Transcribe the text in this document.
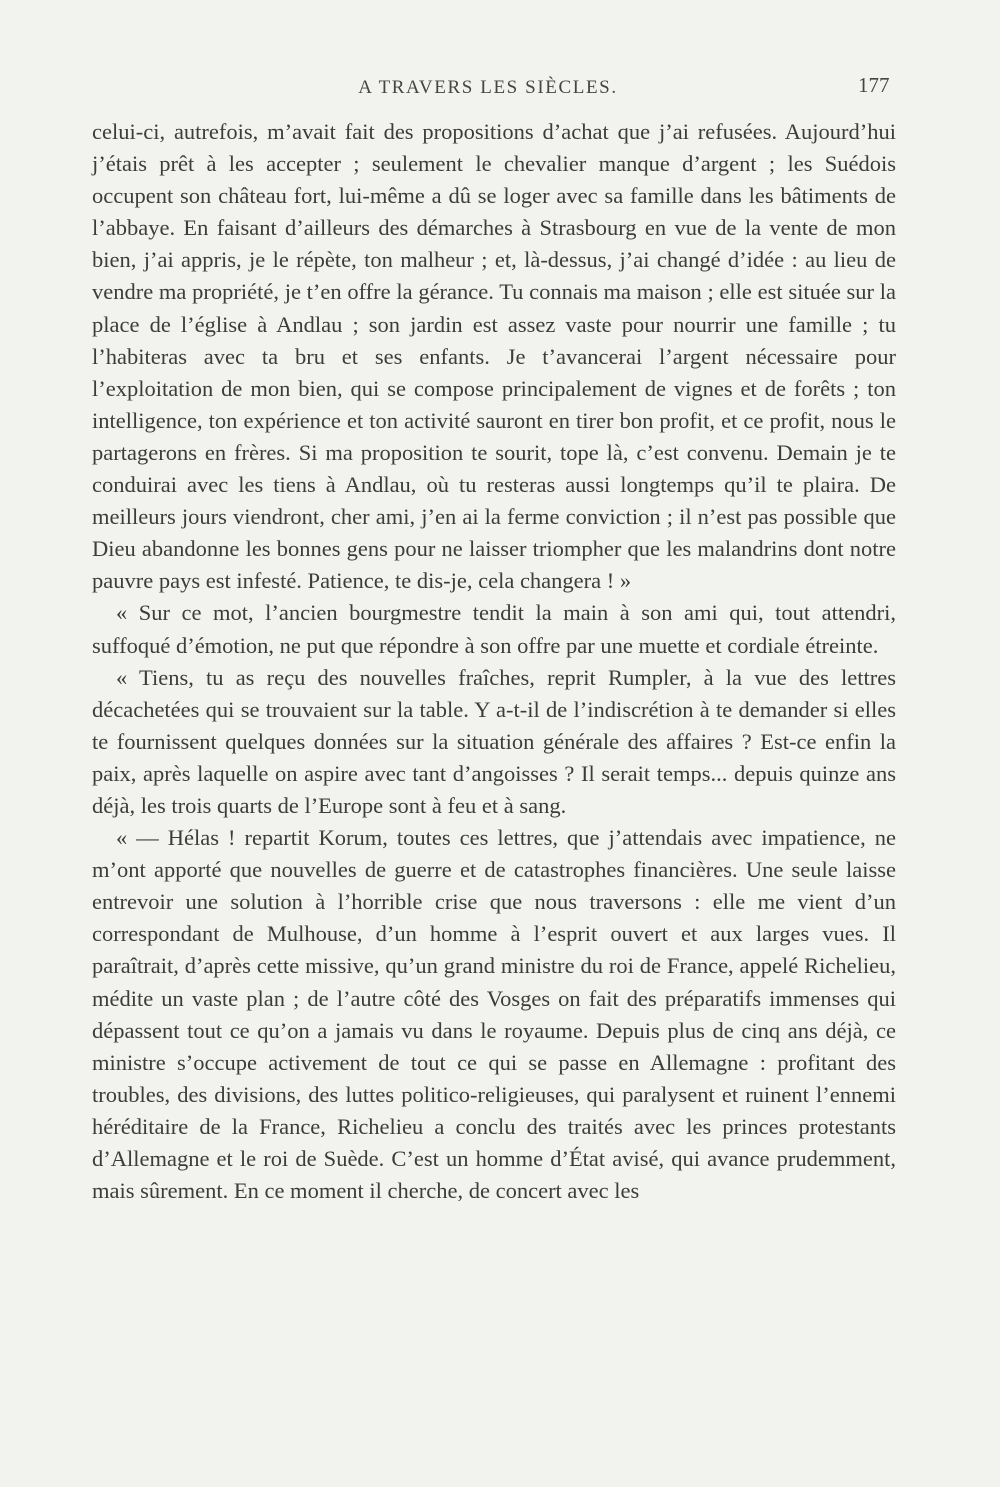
A TRAVERS LES SIÈCLES.	177

celui-ci, autrefois, m’avait fait des propositions d’achat que j’ai refusées. Aujourd’hui j’étais prêt à les accepter ; seulement le chevalier manque d’argent ; les Suédois occupent son château fort, lui-même a dû se loger avec sa famille dans les bâtiments de l’abbaye. En faisant d’ailleurs des démarches à Strasbourg en vue de la vente de mon bien, j’ai appris, je le répète, ton malheur ; et, là-dessus, j’ai changé d’idée : au lieu de vendre ma propriété, je t’en offre la gérance. Tu connais ma maison ; elle est située sur la place de l’église à Andlau ; son jardin est assez vaste pour nourrir une famille ; tu l’habiteras avec ta bru et ses enfants. Je t’avancerai l’argent nécessaire pour l’exploitation de mon bien, qui se compose principalement de vignes et de forêts ; ton intelligence, ton expérience et ton activité sauront en tirer bon profit, et ce profit, nous le partagerons en frères. Si ma proposition te sourit, tope là, c’est convenu. Demain je te conduirai avec les tiens à Andlau, où tu resteras aussi longtemps qu’il te plaira. De meilleurs jours viendront, cher ami, j’en ai la ferme conviction ; il n’est pas possible que Dieu abandonne les bonnes gens pour ne laisser triompher que les malandrins dont notre pauvre pays est infesté. Patience, te dis-je, cela changera ! »

« Sur ce mot, l’ancien bourgmestre tendit la main à son ami qui, tout attendri, suffoqué d’émotion, ne put que répondre à son offre par une muette et cordiale étreinte.

« Tiens, tu as reçu des nouvelles fraîches, reprit Rumpler, à la vue des lettres décachetées qui se trouvaient sur la table. Y a-t-il de l’indiscrétion à te demander si elles te fournissent quelques données sur la situation générale des affaires ? Est-ce enfin la paix, après laquelle on aspire avec tant d’angoisses ? Il serait temps... depuis quinze ans déjà, les trois quarts de l’Europe sont à feu et à sang.

« — Hélas ! repartit Korum, toutes ces lettres, que j’attendais avec impatience, ne m’ont apporté que nouvelles de guerre et de catastrophes financières. Une seule laisse entrevoir une solution à l’horrible crise que nous traversons : elle me vient d’un correspondant de Mulhouse, d’un homme à l’esprit ouvert et aux larges vues. Il paraîtrait, d’après cette missive, qu’un grand ministre du roi de France, appelé Richelieu, médite un vaste plan ; de l’autre côté des Vosges on fait des préparatifs immenses qui dépassent tout ce qu’on a jamais vu dans le royaume. Depuis plus de cinq ans déjà, ce ministre s’occupe activement de tout ce qui se passe en Allemagne : profitant des troubles, des divisions, des luttes politico-religieuses, qui paralysent et ruinent l’ennemi héréditaire de la France, Richelieu a conclu des traités avec les princes protestants d’Allemagne et le roi de Suède. C’est un homme d’État avisé, qui avance prudemment, mais sûrement. En ce moment il cherche, de concert avec les
